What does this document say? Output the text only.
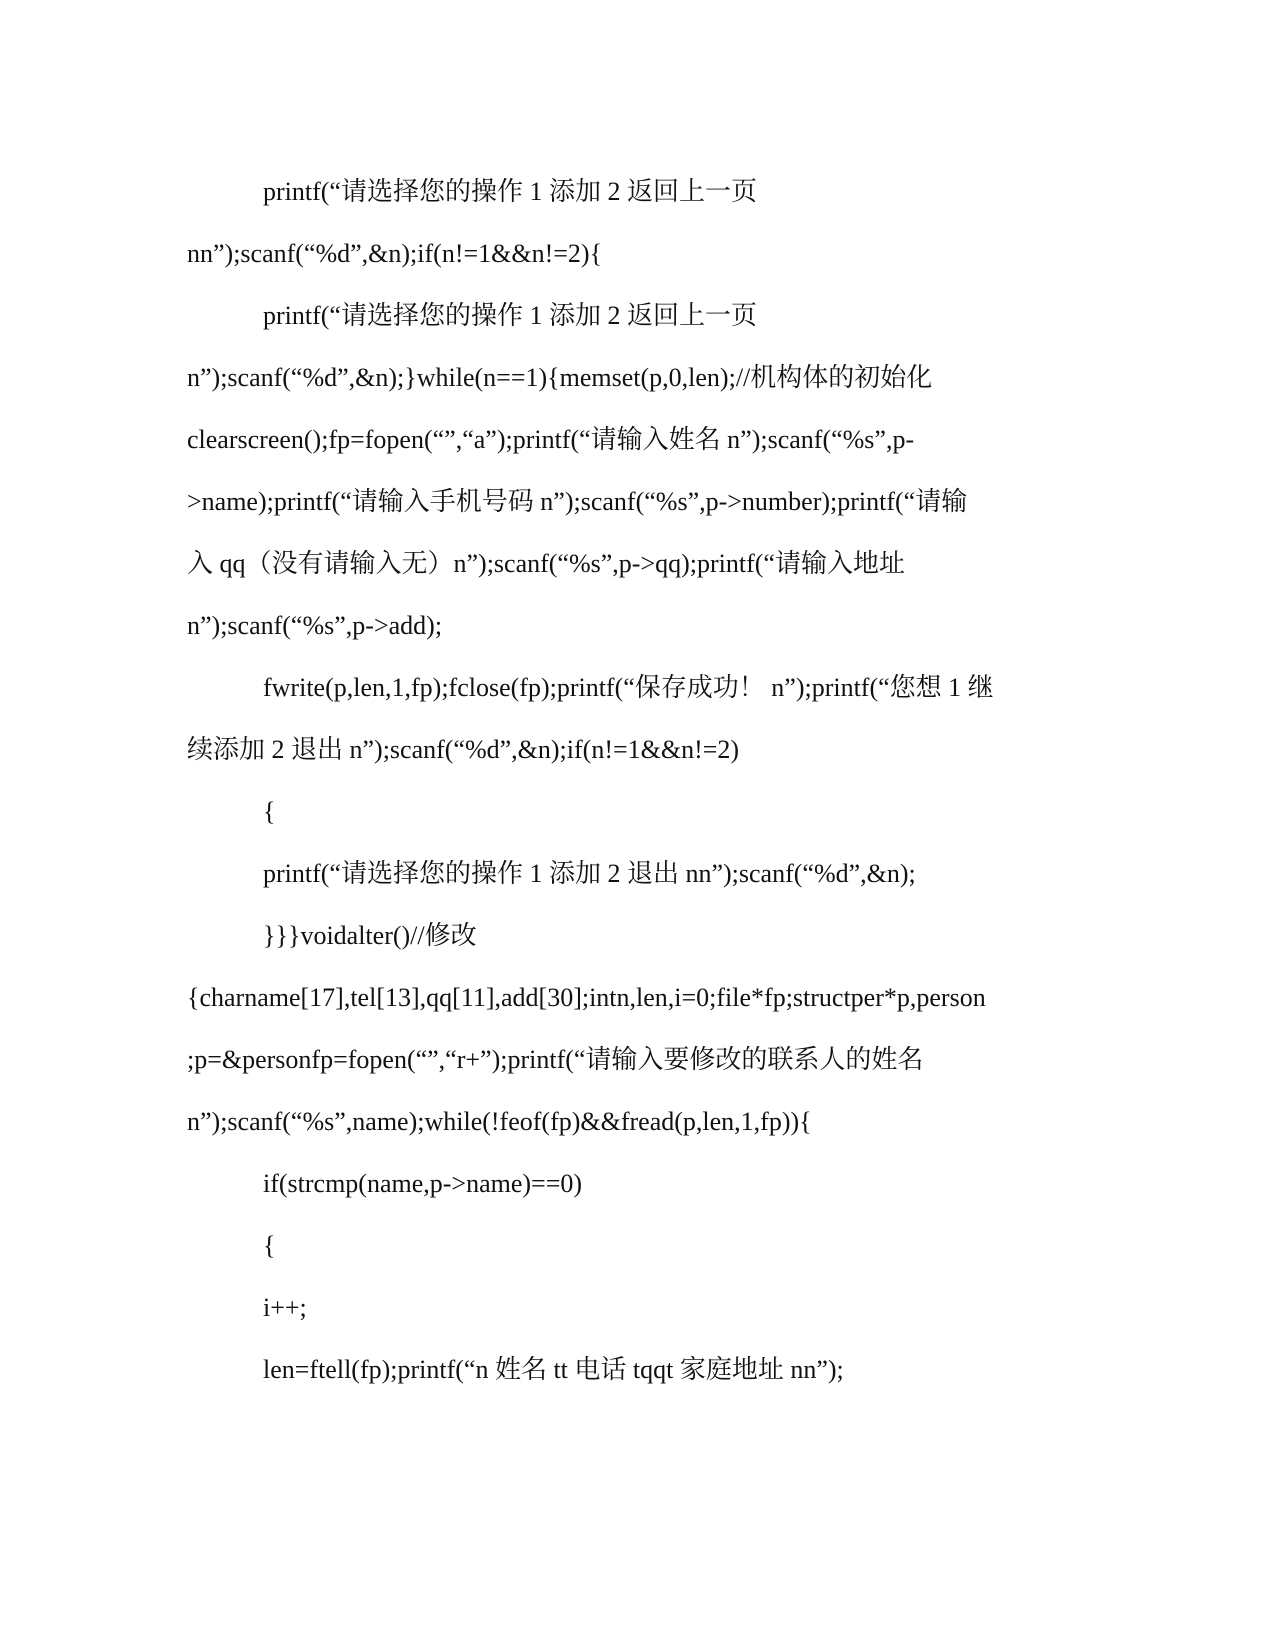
printf(“请选择您的操作 1 添加 2 返回上一页
nn”);scanf(“%d”,&n);if(n!=1&&n!=2){
printf(“请选择您的操作 1 添加 2 返回上一页
n”);scanf(“%d”,&n);}while(n==1){memset(p,0,len);//机构体的初始化
clearscreen();fp=fopen(“”,“a”);printf(“请输入姓名 n”);scanf(“%s”,p-
>name);printf(“请输入手机号码 n”);scanf(“%s”,p->number);printf(“请输
入 qq（没有请输入无）n”);scanf(“%s”,p->qq);printf(“请输入地址
n”);scanf(“%s”,p->add);
fwrite(p,len,1,fp);fclose(fp);printf(“保存成功！ n”);printf(“您想 1 继
续添加 2 退出 n”);scanf(“%d”,&n);if(n!=1&&n!=2)
{
printf(“请选择您的操作 1 添加 2 退出 nn”);scanf(“%d”,&n);
}}}voidalter()//修改
{charname[17],tel[13],qq[11],add[30];intn,len,i=0;file*fp;structper*p,person
;p=&personfp=fopen(“”,“r+”);printf(“请输入要修改的联系人的姓名
n”);scanf(“%s”,name);while(!feof(fp)&&fread(p,len,1,fp)){
if(strcmp(name,p->name)==0)
{
i++;
len=ftell(fp);printf(“n 姓名 tt 电话 tqqt 家庭地址 nn”);
